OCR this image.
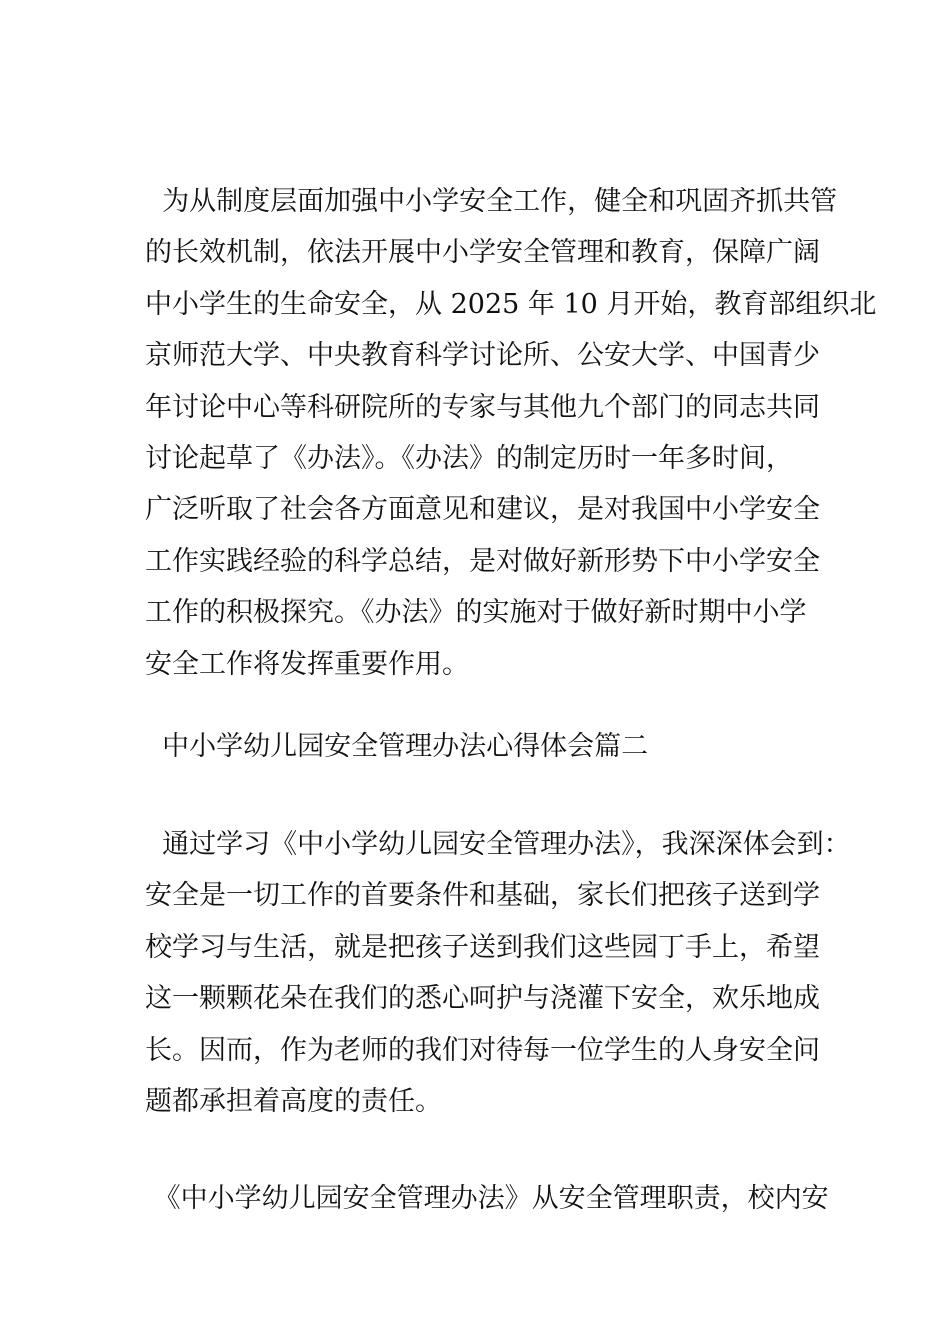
为从制度层面加强中小学安全工作，健全和巩固齐抓共管
的长效机制，依法开展中小学安全管理和教育，保障广阔
中小学生的生命安全，从 2025 年 10 月开始，教育部组织北
京师范大学、中央教育科学讨论所、公安大学、中国青少
年讨论中心等科研院所的专家与其他九个部门的同志共同
讨论起草了《办法》。《办法》的制定历时一年多时间，
广泛听取了社会各方面意见和建议，是对我国中小学安全
工作实践经验的科学总结，是对做好新形势下中小学安全
工作的积极探究。《办法》的实施对于做好新时期中小学
安全工作将发挥重要作用。
中小学幼儿园安全管理办法心得体会篇二
通过学习《中小学幼儿园安全管理办法》，我深深体会到：
安全是一切工作的首要条件和基础，家长们把孩子送到学
校学习与生活，就是把孩子送到我们这些园丁手上，希望
这一颗颗花朵在我们的悉心呵护与浇灌下安全，欢乐地成
长。因而，作为老师的我们对待每一位学生的人身安全问
题都承担着高度的责任。
《中小学幼儿园安全管理办法》从安全管理职责，校内安
